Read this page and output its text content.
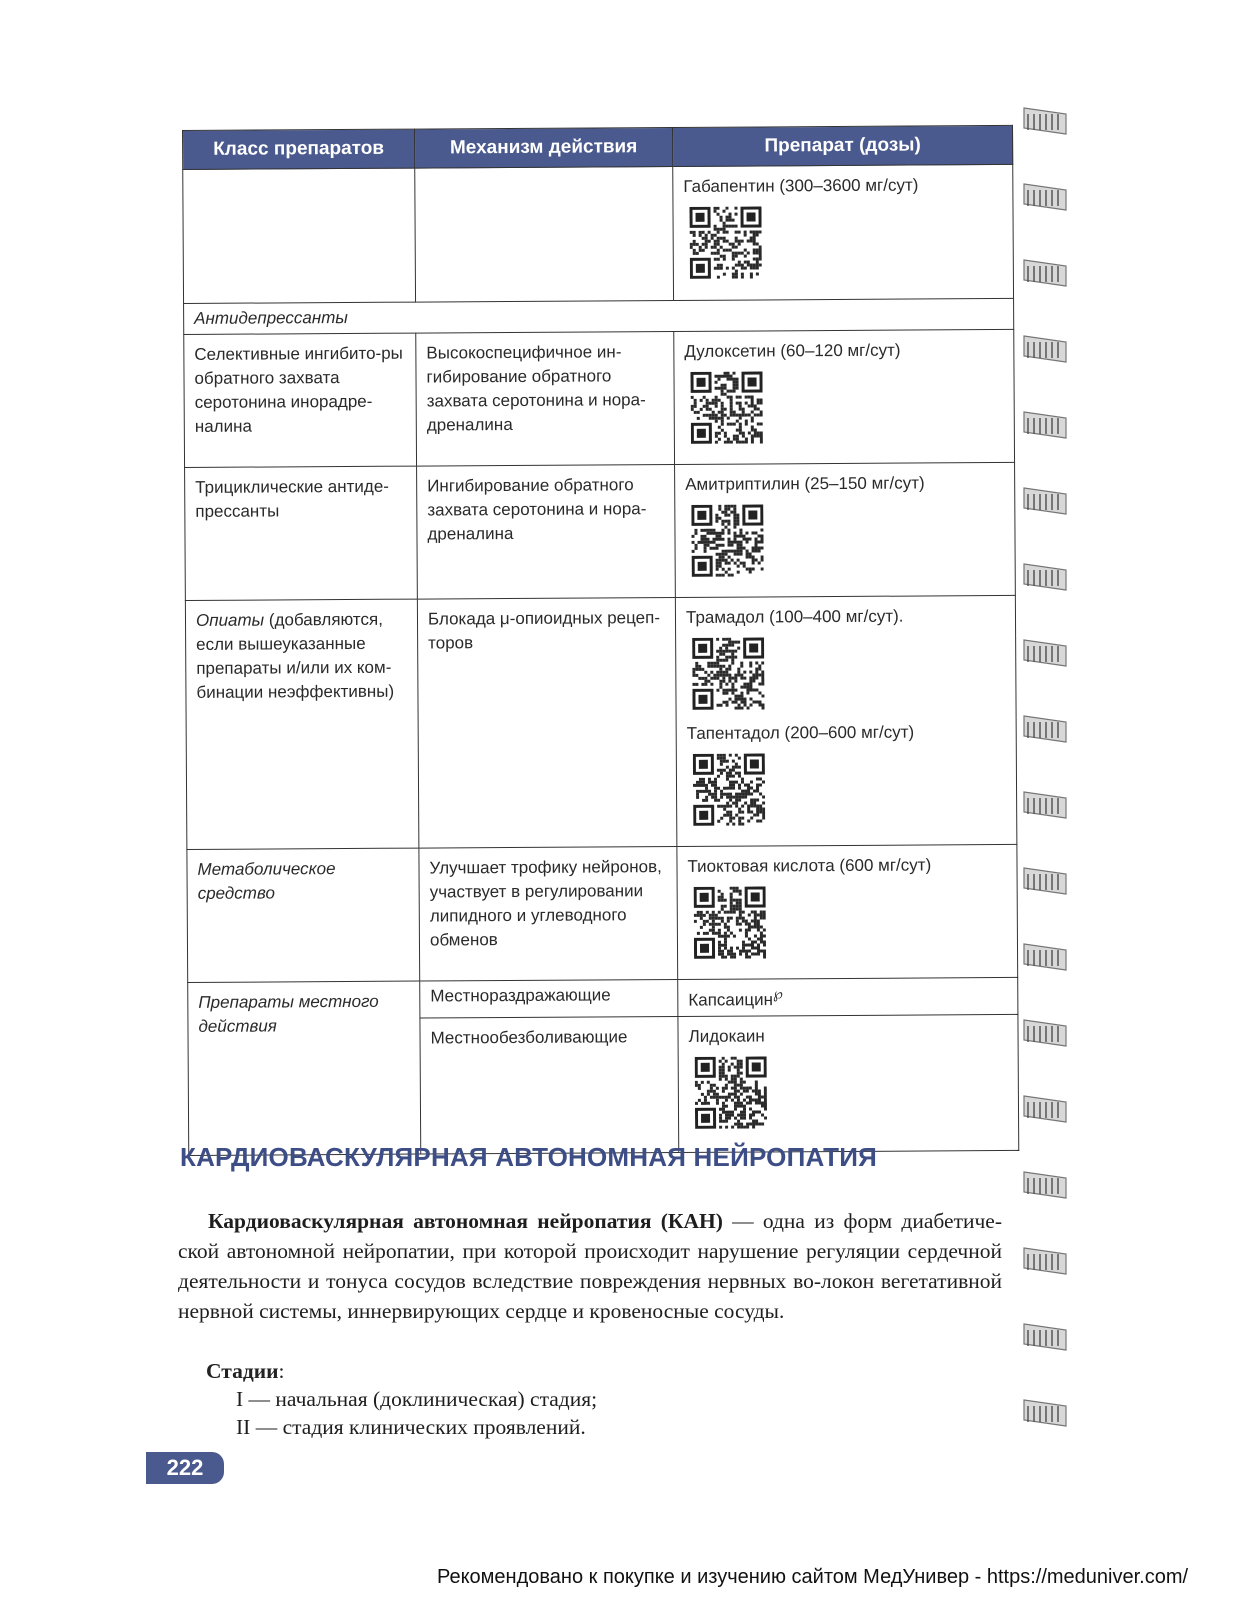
Класс препаратов	Механизм действия	Препарат (дозы)

		Габапентин (300–3600 мг/сут)

Антидепрессанты		
Селективные ингибито-ры обратного захвата серотонина инорадре-налина	Высокоспецифичное ин-гибирование обратного захвата серотонина и нора-дреналина	Дулоксетин (60–120 мг/сут)

Трициклические антиде-прессанты	Ингибирование обратного захвата серотонина и нора-дреналина	Амитриптилин (25–150 мг/сут)

Опиаты (добавляются, если вышеуказанные препараты и/или их ком-бинации неэффективны)	Блокада μ-опиоидных рецеп-торов	Трамадол (100–400 мг/сут).
Тапентадол (200–600 мг/сут)

Метаболическое средство	Улучшает трофику нейронов, участвует в регулировании липидного и углеводного обменов	Тиоктовая кислота (600 мг/сут)

Препараты местного действия	Местнораздражающие	Капсаицин℘
	Местнообезболивающие	Лидокаин
КАРДИОВАСКУЛЯРНАЯ АВТОНОМНАЯ НЕЙРОПАТИЯ

Кардиоваскулярная автономная нейропатия (КАН) — одна из форм диабетиче-ской автономной нейропатии, при которой происходит нарушение регуляции сердечной деятельности и тонуса сосудов вследствие повреждения нервных во-локон вегетативной нервной системы, иннервирующих сердце и кровеносные сосуды.

Стадии:

I — начальная (доклиническая) стадия;

II — стадия клинических проявлений.

222

Рекомендовано к покупке и изучению сайтом МедУнивер - https://meduniver.com/
